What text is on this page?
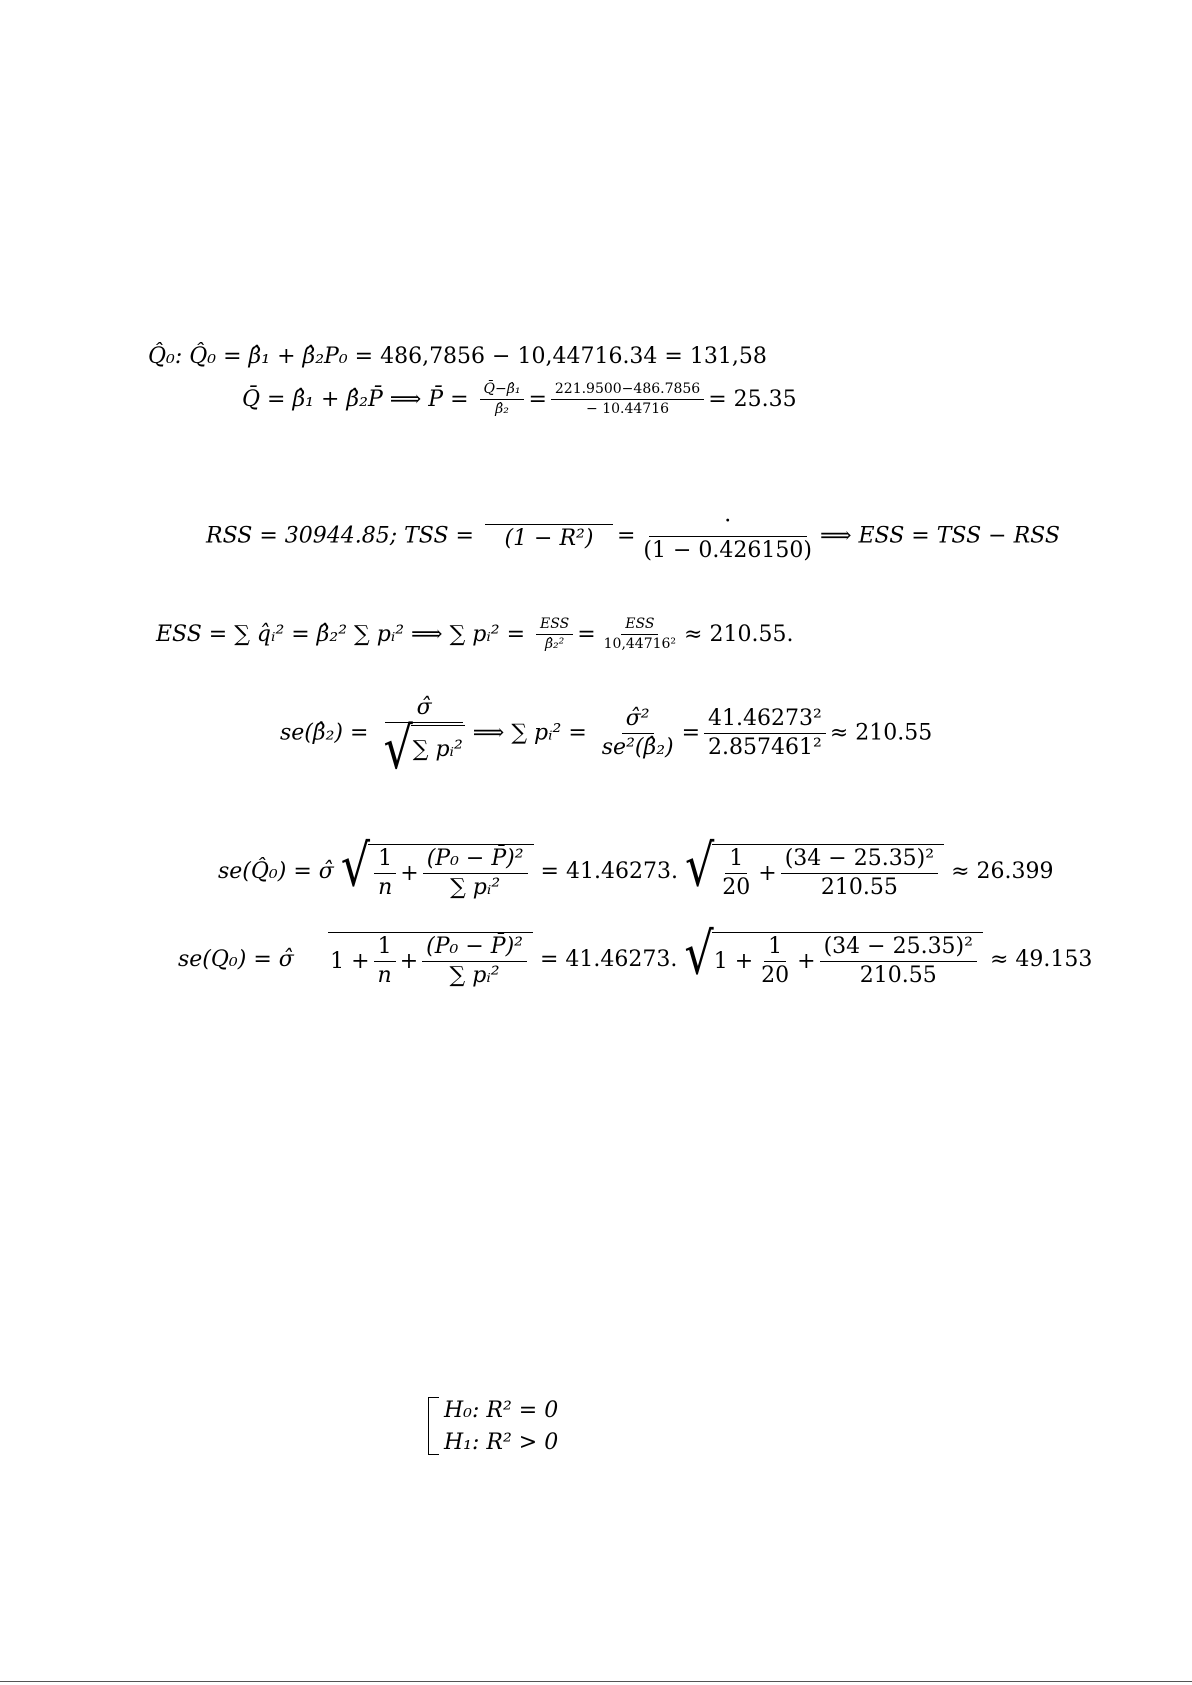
Q̂₀: Q̂₀ = β̂₁ + β̂₂P₀ = 486,7856 − 10,44716.34 = 131,58
Q̄ = β̂₁ + β̂₂P̄ ⟹ P̄ = $\frac{\text{Q̄−β̂₁}}{\text{β̂₂}} = \frac{221.9500-486.7856}{- 10.44716} = 25.35$
RSS = 30944.85; TSS = $(1 - R^2) = \frac{\cdot}{(1 - 0.426150)}$ ⟹ ESS = TSS − RSS
ESS = ∑ q̂ᵢ² = β̂₂² ∑ pᵢ² ⟹ ∑ pᵢ² = $\frac{\text{ESS}}{\text{β̂₂²}} = \frac{\text{ESS}}{\text{10,44716²}} \approx 210.55$.
se(β̂₂) = $\frac{\sigmâ}{\text{√ ∑ pᵢ²}}$ ⟹ ∑ pᵢ² = $\frac{\text{σ̂²}}{\text{se²(β̂₂)}} = \frac{\text{41.46273²}}{\text{2.857461²}} \approx 210.55$
se(Q̂₀) = σ̂ √ $\frac{1}{n} + \frac{\text{(P₀ − P̄)²}}{\text{∑ pᵢ²}} = 41.46273$. √ $\frac{1}{20} + \frac{\text{(34 − 25.35)²}}{210.55} \approx 26.399$
se(Q₀) = σ̂ $1 + \frac{1}{n} + \frac{\text{(P₀ − P̄)²}}{\text{∑ pᵢ²}} = 41.46273$. √ $1 + \frac{1}{20} + \frac{\text{(34 − 25.35)²}}{210.55} \approx 49.153$
H₀: R² = 0
H₁: R² > 0
